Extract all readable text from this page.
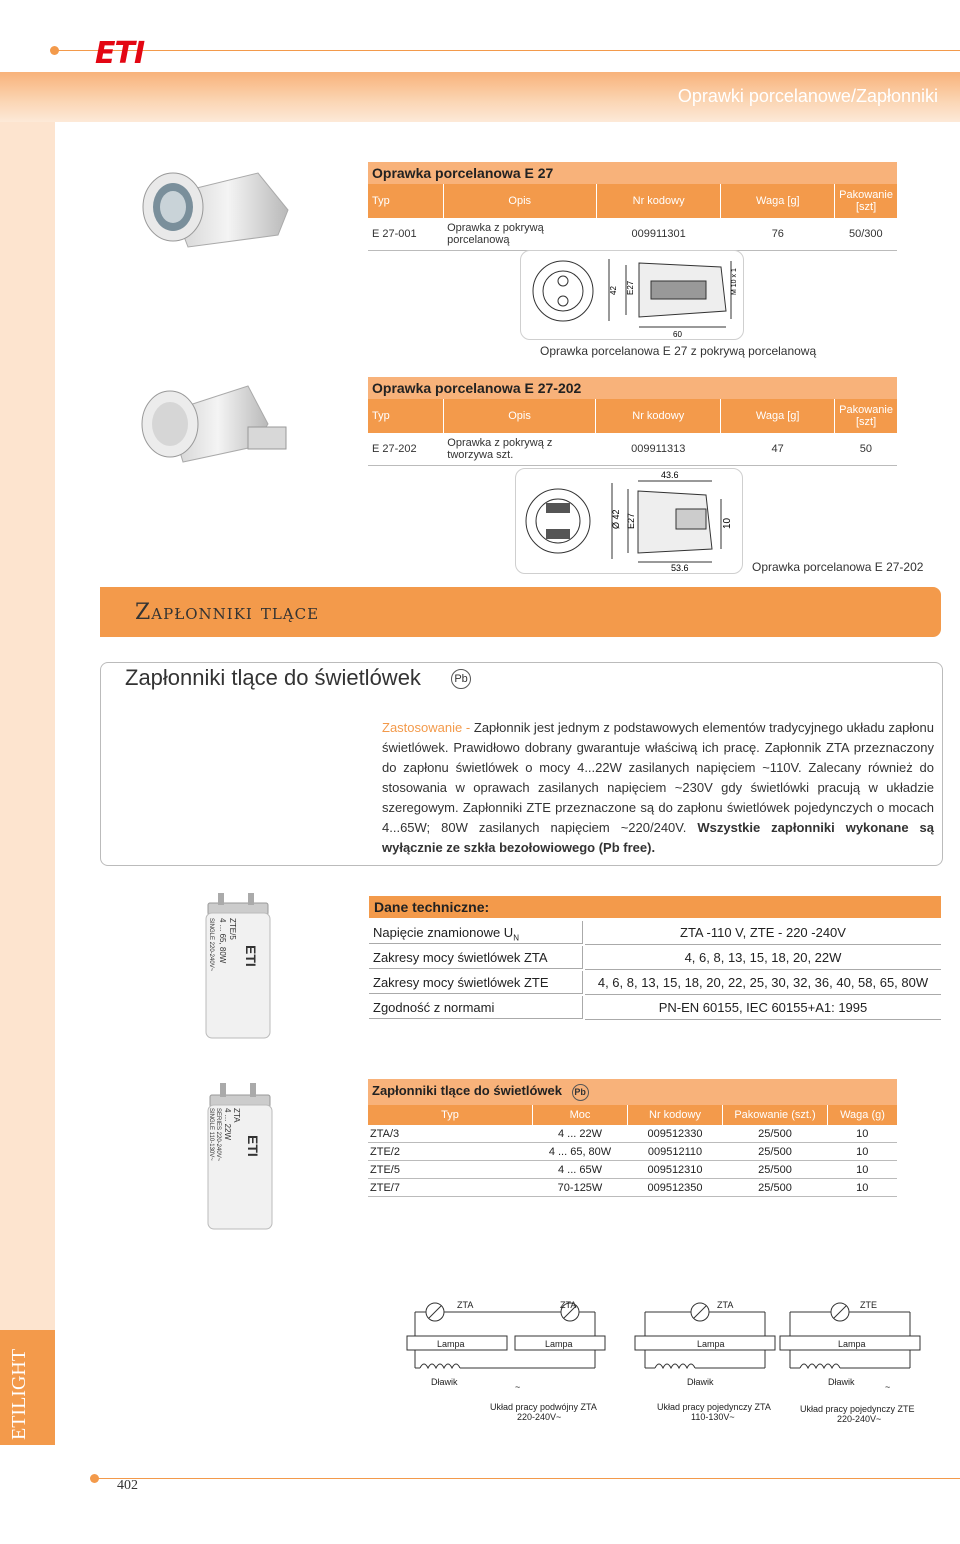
ETI
Oprawki porcelanowe/Zapłonniki
ETILIGHT
Oprawka porcelanowa E 27				
Typ	Opis	Nr kodowy	Waga [g]	Pakowanie [szt]
E 27-001	Oprawka z pokrywą porcelanową	009911301	76	50/300
42 E27	M 10 x 1
60
Oprawka porcelanowa E 27 z pokrywą porcelanową
Oprawka porcelanowa E 27-202				
Typ	Opis	Nr kodowy	Waga [g]	Pakowanie [szt]
E 27-202	Oprawka z pokrywą z tworzywa szt.	009911313	47	50
43.6
Ø 42 E27	10
53.6	Oprawka porcelanowa E 27-202
Zapłonniki tlące
Zapłonniki tlące do świetlówek	Pb
Zastosowanie - Zapłonnik jest jednym z podstawowych elementów tradycyjnego układu zapłonu świetlówek. Prawidłowo dobrany gwarantuje właściwą ich pracę. Zapłonnik ZTA przeznaczony do zapłonu świetlówek o mocy 4...22W zasilanych napięciem ~110V. Zalecany również do stosowania w oprawach zasilanych napięciem ~230V gdy świetlówki pracują w układzie szeregowym. Zapłonniki ZTE przeznaczone są do zapłonu świetlówek pojedynczych o mocach 4...65W; 80W zasilanych napięciem ~220/240V. Wszystkie zapłonniki wykonane są wyłącznie ze szkła bezołowiowego (Pb free).
ETI
ZTE/5
4 ... 65, 80W
SINGLE 220-240V~
Dane techniczne:
Napięcie znamionowe $U_N$	ZTA -110 V, ZTE - 220 -240V
Zakresy mocy świetlówek ZTA	4, 6, 8, 13, 15, 18, 20, 22W
Zakresy mocy świetlówek ZTE	4, 6, 8, 13, 15, 18, 20, 22, 25, 30, 32, 36, 40, 58, 65, 80W
Zgodność z normami	PN-EN 60155, IEC 60155+A1: 1995
ETI
ZTA
4 ... 22W
SERIES 220-240V~
SINGLE 110-130V~
Zapłonniki tlące do świetlówek Pb				
Typ	Moc	Nr kodowy	Pakowanie (szt.)	Waga (g)
ZTA/3	4 ... 22W	009512330	25/500	10
ZTE/2	4 ... 65, 80W	009512110	25/500	10
ZTE/5	4 ... 65W	009512310	25/500	10
ZTE/7	70-125W	009512350	25/500	10
ZTA	ZTA
Lampa	Lampa
Dławik	~
ZTA
Lampa
Dławik
ZTE
Lampa
Dławik	~
Układ pracy podwójny ZTA
220-240V~
Układ pracy pojedynczy ZTA
110-130V~
Układ pracy pojedynczy ZTE
220-240V~
402
